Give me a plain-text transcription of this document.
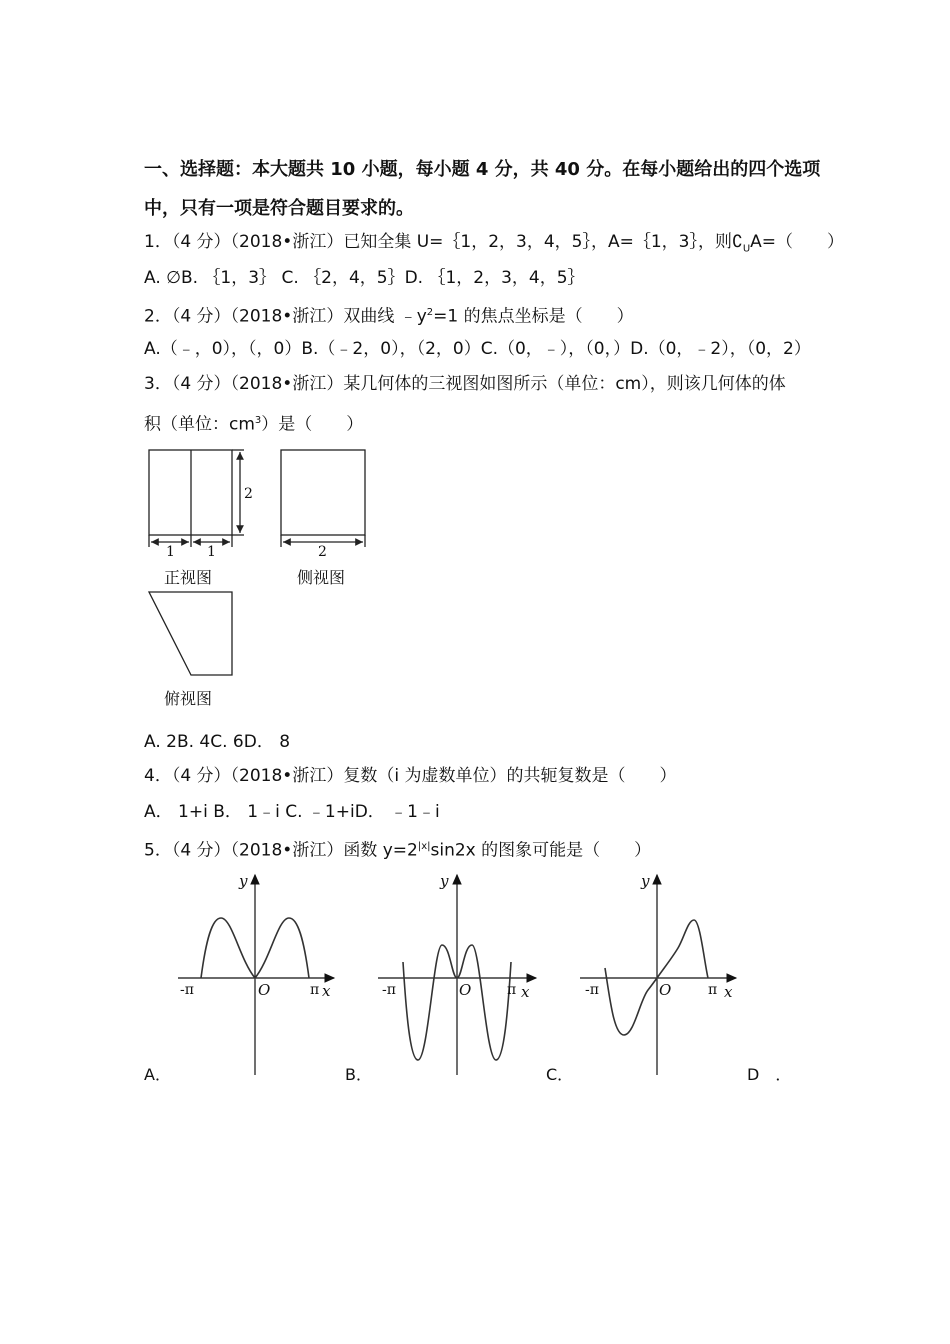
一、选择题：本大题共 10 小题，每小题 4 分，共 40 分。在每小题给出的四个选项
中，只有一项是符合题目要求的。
1．（4 分）（2018•浙江）已知全集 U=｛1，2，3，4，5｝，A=｛1，3｝，则$∁_UA=$（　　）
A. ∅B. ｛1，3｝ C. ｛2，4，5｝D. ｛1，2，3，4，5｝
2．（4 分）（2018•浙江）双曲线 $﹣y^2=1$ 的焦点坐标是（　　）
A.（﹣，0），（，0）B.（﹣2，0），（2，0）C.（0，﹣），（0，）D.（0，﹣2），（0，2）
3．（4 分）（2018•浙江）某几何体的三视图如图所示（单位：cm），则该几何体的体
积（单位：$cm^3$）是（　　）
2
1 1	2
正视图	侧视图
俯视图
A. 2B. 4C. 6D． 8
4．（4 分）（2018•浙江）复数（i 为虚数单位）的共轭复数是（　　）
A． 1+i B． 1﹣i C. ﹣1+iD． ﹣1﹣i
5．（4 分）（2018•浙江）函数 $y=2^{|x|}\sin 2x$ 的图象可能是（　　）
y
x
O
-π	π
y
x
O
-π	π
y
x
O
-π	π
A．	B．	C．	D　．
